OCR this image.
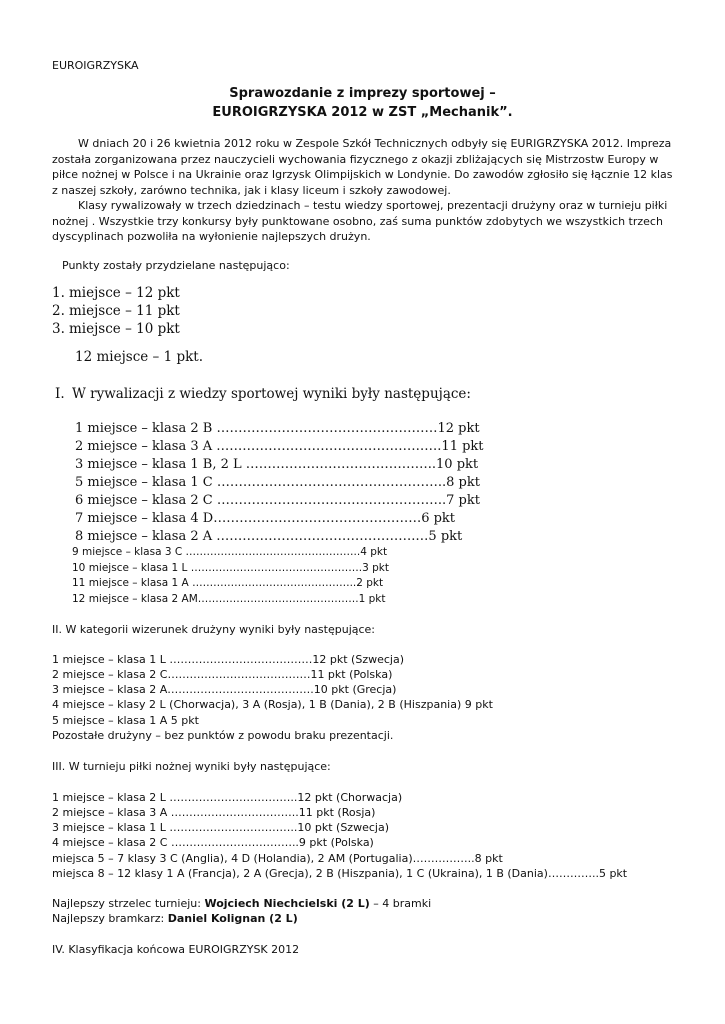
EUROIGRZYSKA
Sprawozdanie z imprezy sportowej –
EUROIGRZYSKA 2012 w ZST „Mechanik”.
W dniach 20 i 26 kwietnia 2012 roku w Zespole Szkół Technicznych odbyły się EURIGRZYSKA 2012. Impreza została zorganizowana przez nauczycieli wychowania fizycznego z okazji zbliżających się Mistrzostw Europy w piłce nożnej w Polsce i na Ukrainie oraz Igrzysk Olimpijskich w Londynie. Do zawodów zgłosiło się łącznie 12 klas z naszej szkoły, zarówno technika, jak i klasy liceum i szkoły zawodowej.
Klasy rywalizowały w trzech dziedzinach – testu wiedzy sportowej, prezentacji drużyny oraz w turnieju piłki nożnej . Wszystkie trzy konkursy były punktowane osobno, zaś suma punktów zdobytych we wszystkich trzech dyscyplinach pozwoliła na wyłonienie najlepszych drużyn.
Punkty zostały przydzielane następująco:
1. miejsce – 12 pkt
2. miejsce – 11 pkt
3. miejsce – 10 pkt
12 miejsce – 1 pkt.
I. W rywalizacji z wiedzy sportowej wyniki były następujące:
1 miejsce – klasa 2 B ……………………………………………12 pkt
2 miejsce – klasa 3 A …………………………………………….11 pkt
3 miejsce – klasa 1 B, 2 L ……………………………………..10 pkt
5 miejsce – klasa 1 C ……………………………………………..8 pkt
6 miejsce – klasa 2 C ……………………………………………..7 pkt
7 miejsce – klasa 4 D…………………………………………6 pkt
8 miejsce – klasa 2 A ……………………………………….…5 pkt
9 miejsce – klasa 3 C …………………………………………..4 pkt
10 miejsce – klasa 1 L ………………………………………….3 pkt
11 miejsce – klasa 1 A ………………………………………..2 pkt
12 miejsce – klasa 2 AM……………………………………….1 pkt
II. W kategorii wizerunek drużyny wyniki były następujące:
1 miejsce – klasa 1 L …………………………………12 pkt (Szwecja)
2 miejsce – klasa 2 C…………………………………11 pkt (Polska)
3 miejsce – klasa 2 A………………………………….10 pkt (Grecja)
4 miejsce – klasy 2 L (Chorwacja), 3 A (Rosja), 1 B (Dania), 2 B (Hiszpania) 9 pkt
5 miejsce – klasa 1 A 5 pkt
Pozostałe drużyny – bez punktów z powodu braku prezentacji.
III. W turnieju piłki nożnej wyniki były następujące:
1 miejsce – klasa 2 L ……………………………..12 pkt (Chorwacja)
2 miejsce – klasa 3 A ……………………………..11 pkt (Rosja)
3 miejsce – klasa 1 L ……………………………..10 pkt (Szwecja)
4 miejsce – klasa 2 C ……………………………..9 pkt (Polska)
miejsca 5 – 7 klasy 3 C (Anglia), 4 D (Holandia), 2 AM (Portugalia)……………..8 pkt
miejsca 8 – 12 klasy 1 A (Francja), 2 A (Grecja), 2 B (Hiszpania), 1 C (Ukraina), 1 B (Dania)…………..5 pkt
Najlepszy strzelec turnieju: Wojciech Niechcielski (2 L) – 4 bramki
Najlepszy bramkarz: Daniel Kolignan (2 L)
IV. Klasyfikacja końcowa EUROIGRZYSK 2012
